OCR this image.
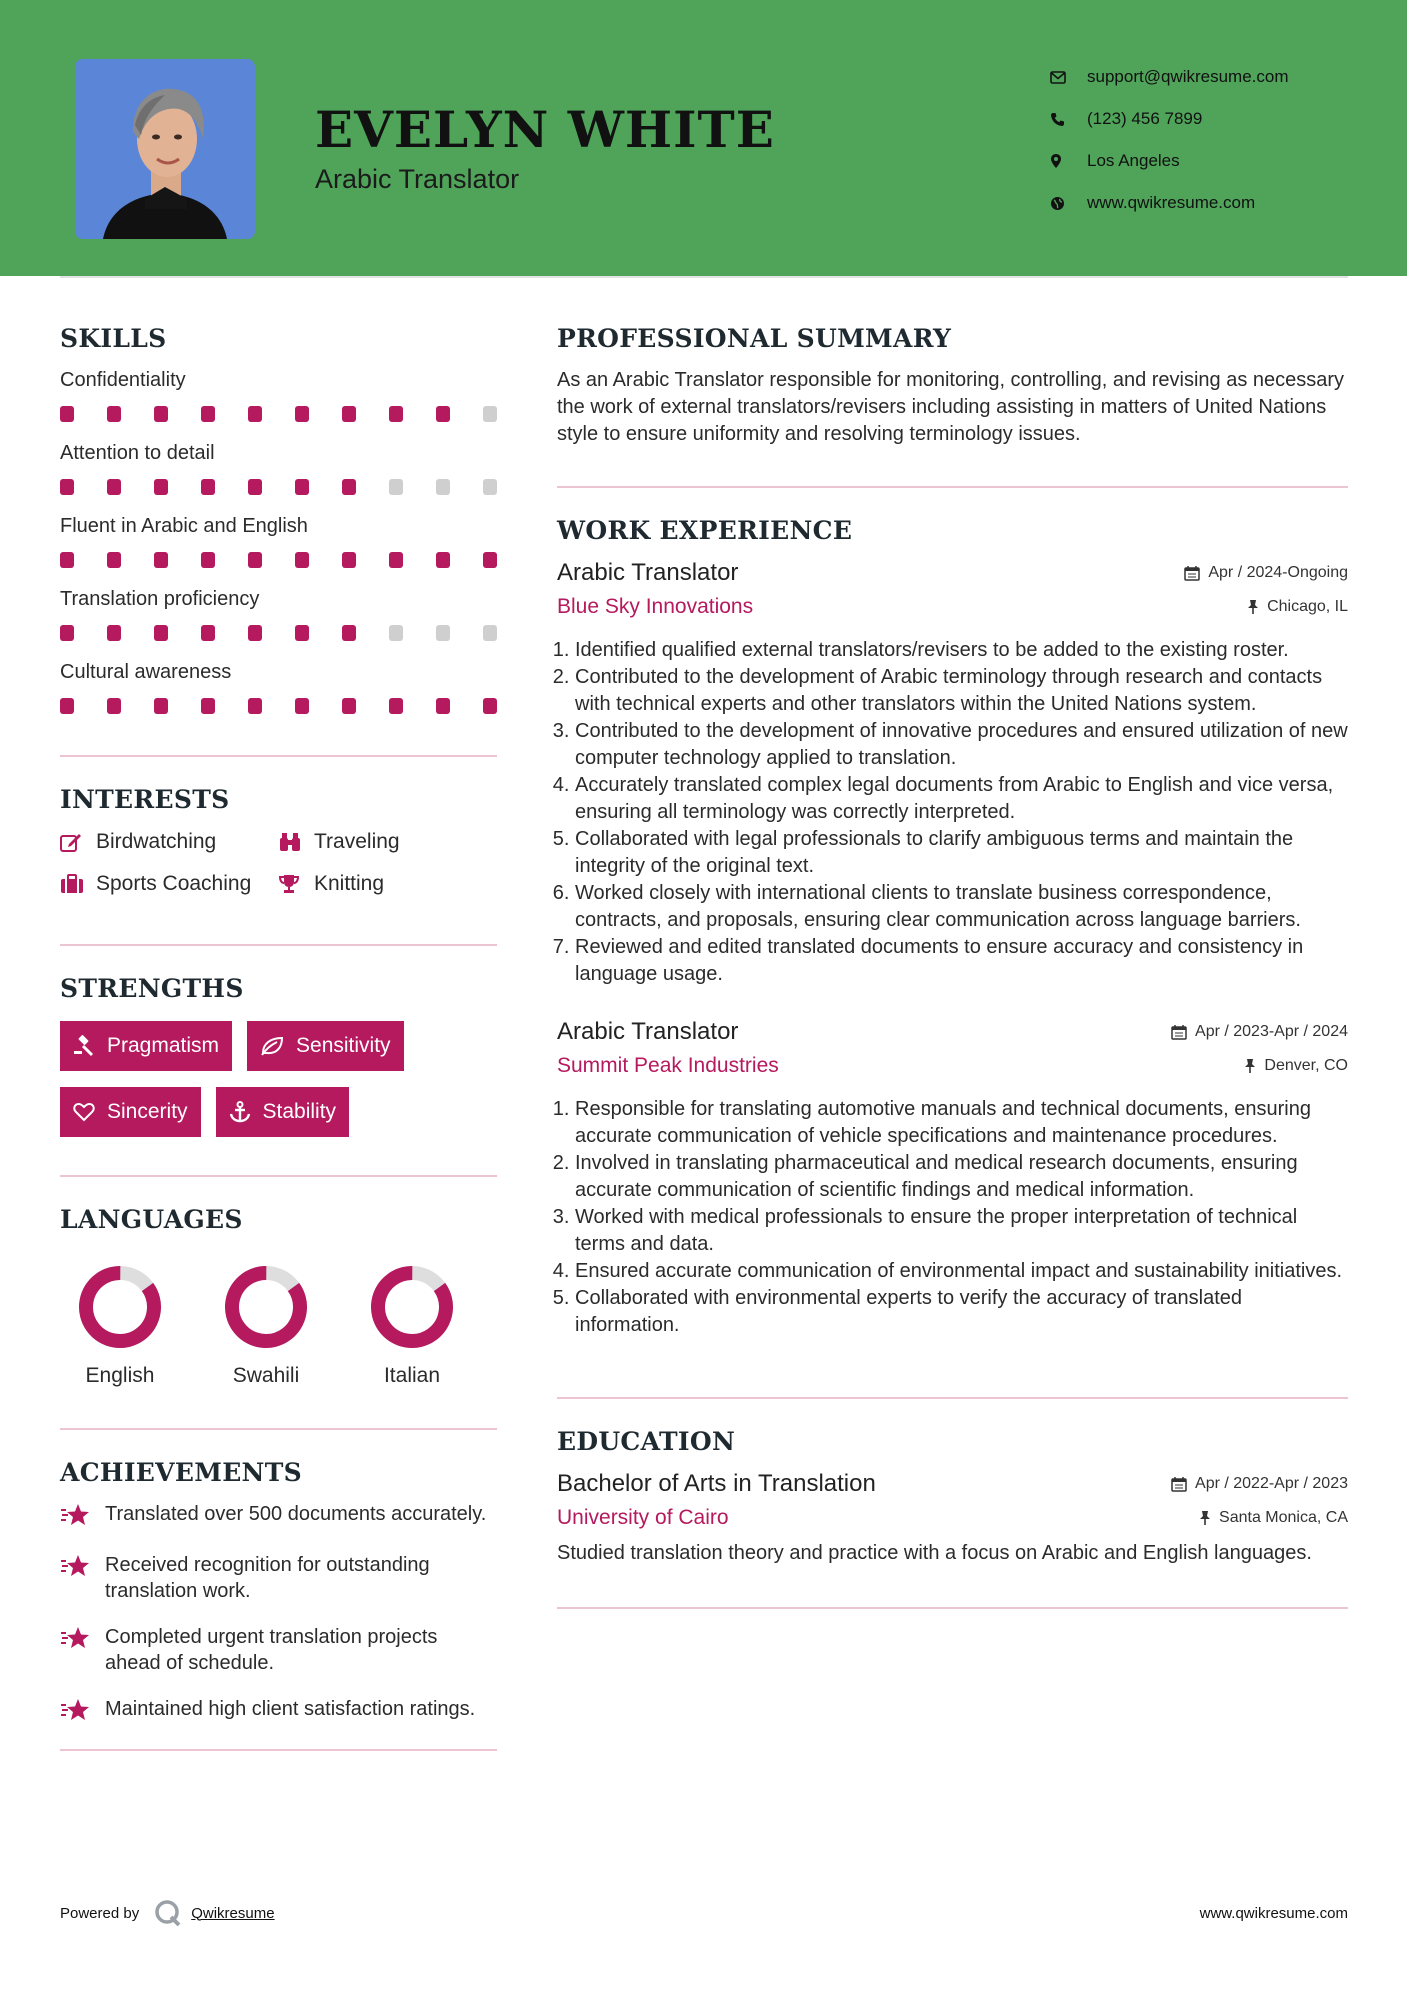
EVELYN WHITE
Arabic Translator
support@qwikresume.com
(123) 456 7899
Los Angeles
www.qwikresume.com
SKILLS
Confidentiality
Attention to detail
Fluent in Arabic and English
Translation proficiency
Cultural awareness
INTERESTS
Birdwatching	Traveling
Sports Coaching	Knitting
STRENGTHS
Pragmatism	Sensitivity
Sincerity	Stability
LANGUAGES
English	Swahili	Italian
ACHIEVEMENTS
Translated over 500 documents accurately.
Received recognition for outstanding translation work.
Completed urgent translation projects ahead of schedule.
Maintained high client satisfaction ratings.
PROFESSIONAL SUMMARY

As an Arabic Translator responsible for monitoring, controlling, and revising as necessary the work of external translators/revisers including assisting in matters of United Nations style to ensure uniformity and resolving terminology issues.

WORK EXPERIENCE
Arabic Translator	Apr / 2024-Ongoing
Blue Sky Innovations	Chicago, IL
1. Identified qualified external translators/revisers to be added to the existing roster.
2. Contributed to the development of Arabic terminology through research and contacts with technical experts and other translators within the United Nations system.
3. Contributed to the development of innovative procedures and ensured utilization of new computer technology applied to translation.
4. Accurately translated complex legal documents from Arabic to English and vice versa, ensuring all terminology was correctly interpreted.
5. Collaborated with legal professionals to clarify ambiguous terms and maintain the integrity of the original text.
6. Worked closely with international clients to translate business correspondence, contracts, and proposals, ensuring clear communication across language barriers.
7. Reviewed and edited translated documents to ensure accuracy and consistency in language usage.
Arabic Translator	Apr / 2023-Apr / 2024
Summit Peak Industries	Denver, CO
1. Responsible for translating automotive manuals and technical documents, ensuring accurate communication of vehicle specifications and maintenance procedures.
2. Involved in translating pharmaceutical and medical research documents, ensuring accurate communication of scientific findings and medical information.
3. Worked with medical professionals to ensure the proper interpretation of technical terms and data.
4. Ensured accurate communication of environmental impact and sustainability initiatives.
5. Collaborated with environmental experts to verify the accuracy of translated information.
EDUCATION
Bachelor of Arts in Translation	Apr / 2022-Apr / 2023
University of Cairo	Santa Monica, CA

Studied translation theory and practice with a focus on Arabic and English languages.

Powered by	Qwikresume	www.qwikresume.com
